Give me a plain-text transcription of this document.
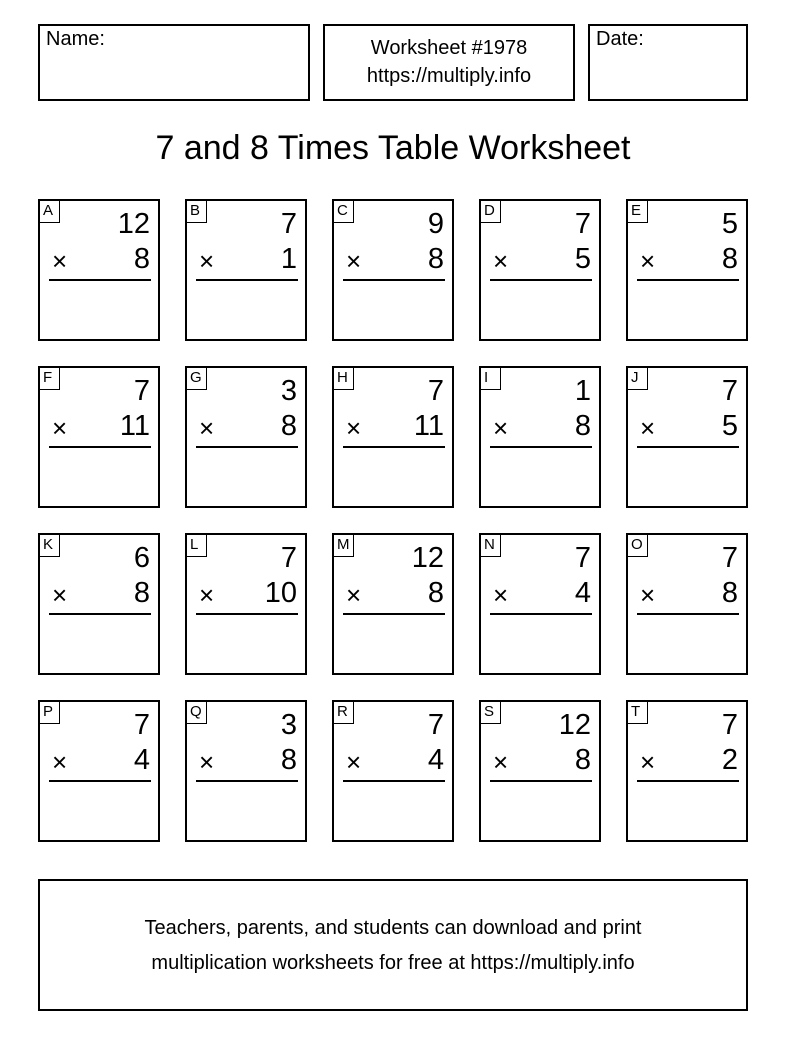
Name:	Worksheet #1978
https://multiply.info
Date:
7 and 8 Times Table Worksheet
A 12
× 8
B	7
× 1
C	9
× 8
D	7
× 5
E	5
× 8
F	7
× 11
G	3
× 8
H	7
× 11
I	1
× 8
J	7
× 5
K	6
× 8
L	7
× 10
M 12
× 8
N	7
× 4
O	7
× 8
P	7
× 4
Q	3
× 8
R	7
× 4
S 12
× 8
T	7
× 2
Teachers, parents, and students can download and print
multiplication worksheets for free at https://multiply.info
